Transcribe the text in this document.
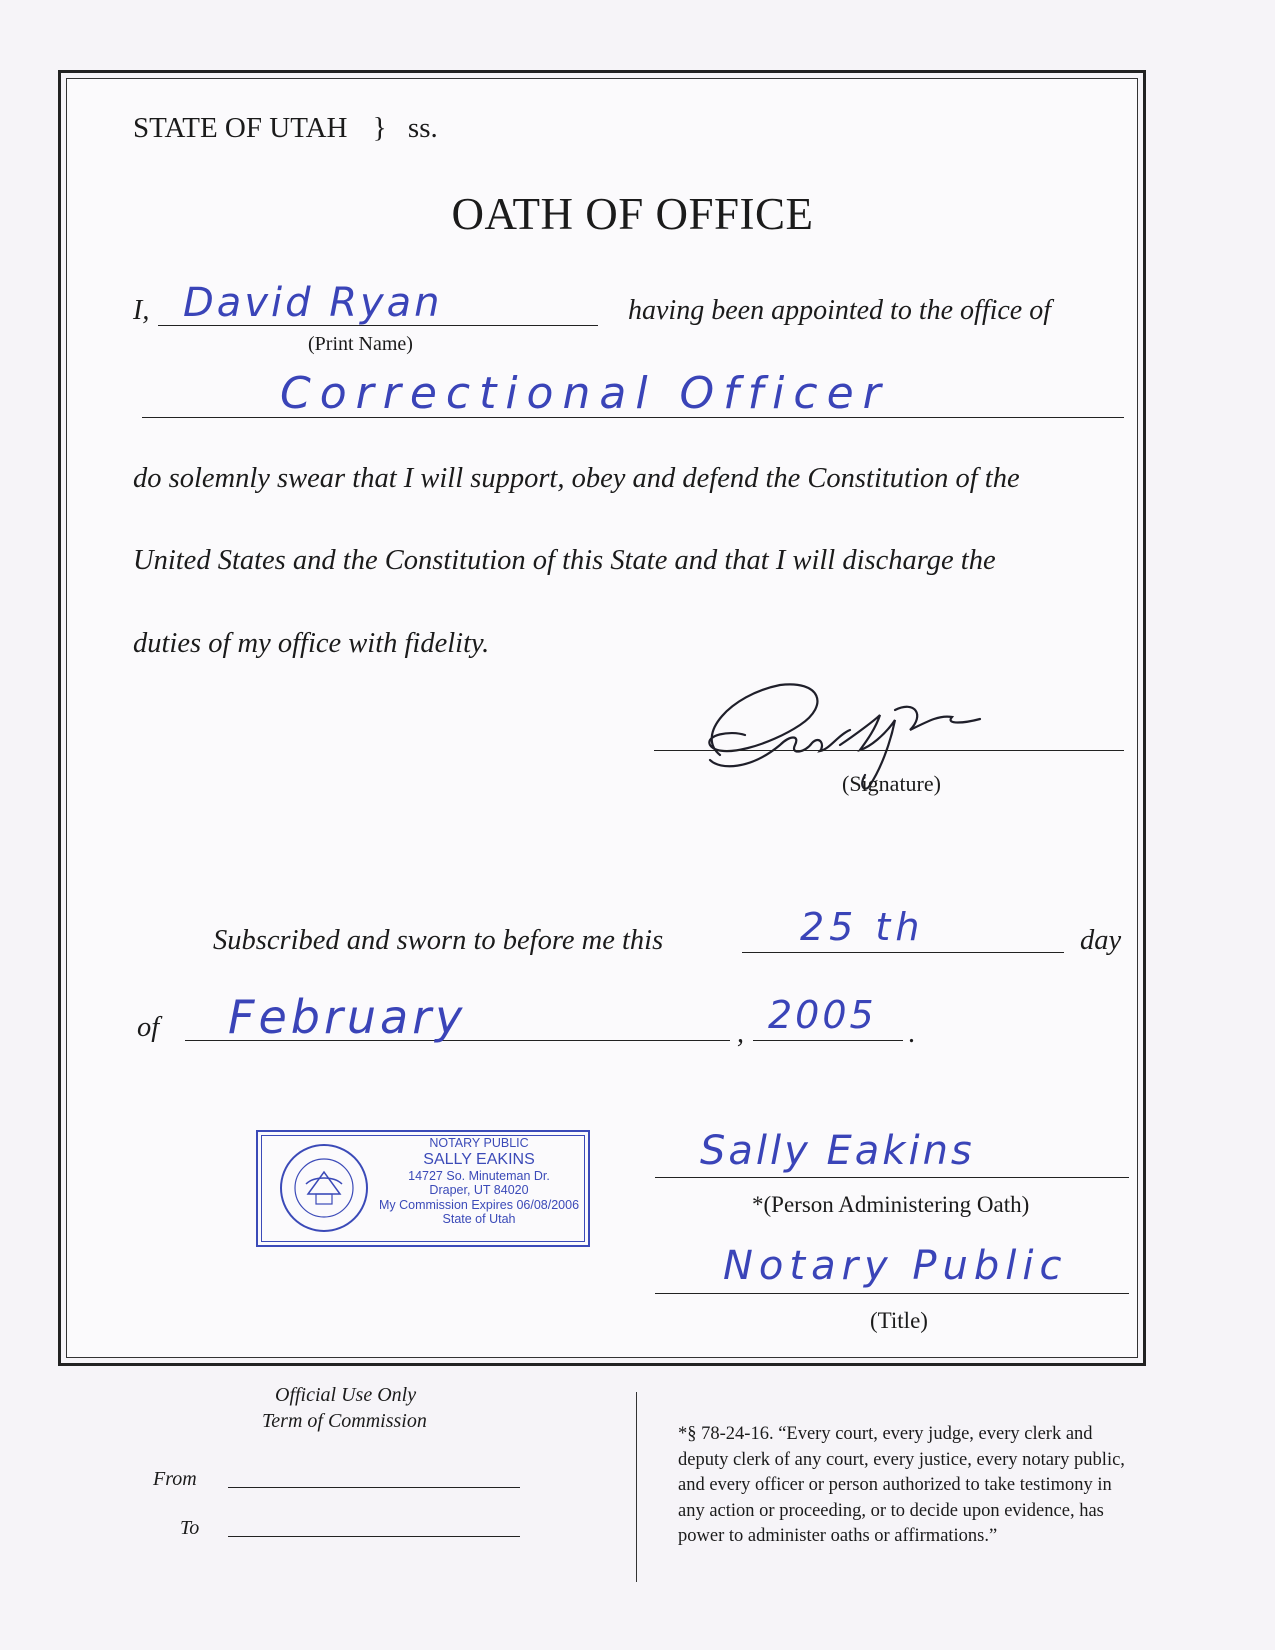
STATE OF UTAH } ss.
OATH OF OFFICE
I, David Ryan
(Print Name)
having been appointed to the office of
Correctional Officer
do solemnly swear that I will support, obey and defend the Constitution of the
United States and the Constitution of this State and that I will discharge the
duties of my office with fidelity.
(Signature)
Subscribed and sworn to before me this	25 th	day
of February	, 2005 .
NOTARY PUBLIC
SALLY EAKINS
14727 So. Minuteman Dr.
Draper, UT 84020
My Commission Expires 06/08/2006
State of Utah
Sally Eakins
*(Person Administering Oath)
Notary Public
(Title)
Official Use Only
Term of Commission
From
To
*§ 78-24-16. “Every court, every judge, every clerk and
deputy clerk of any court, every justice, every notary public,
and every officer or person authorized to take testimony in
any action or proceeding, or to decide upon evidence, has
power to administer oaths or affirmations.”
